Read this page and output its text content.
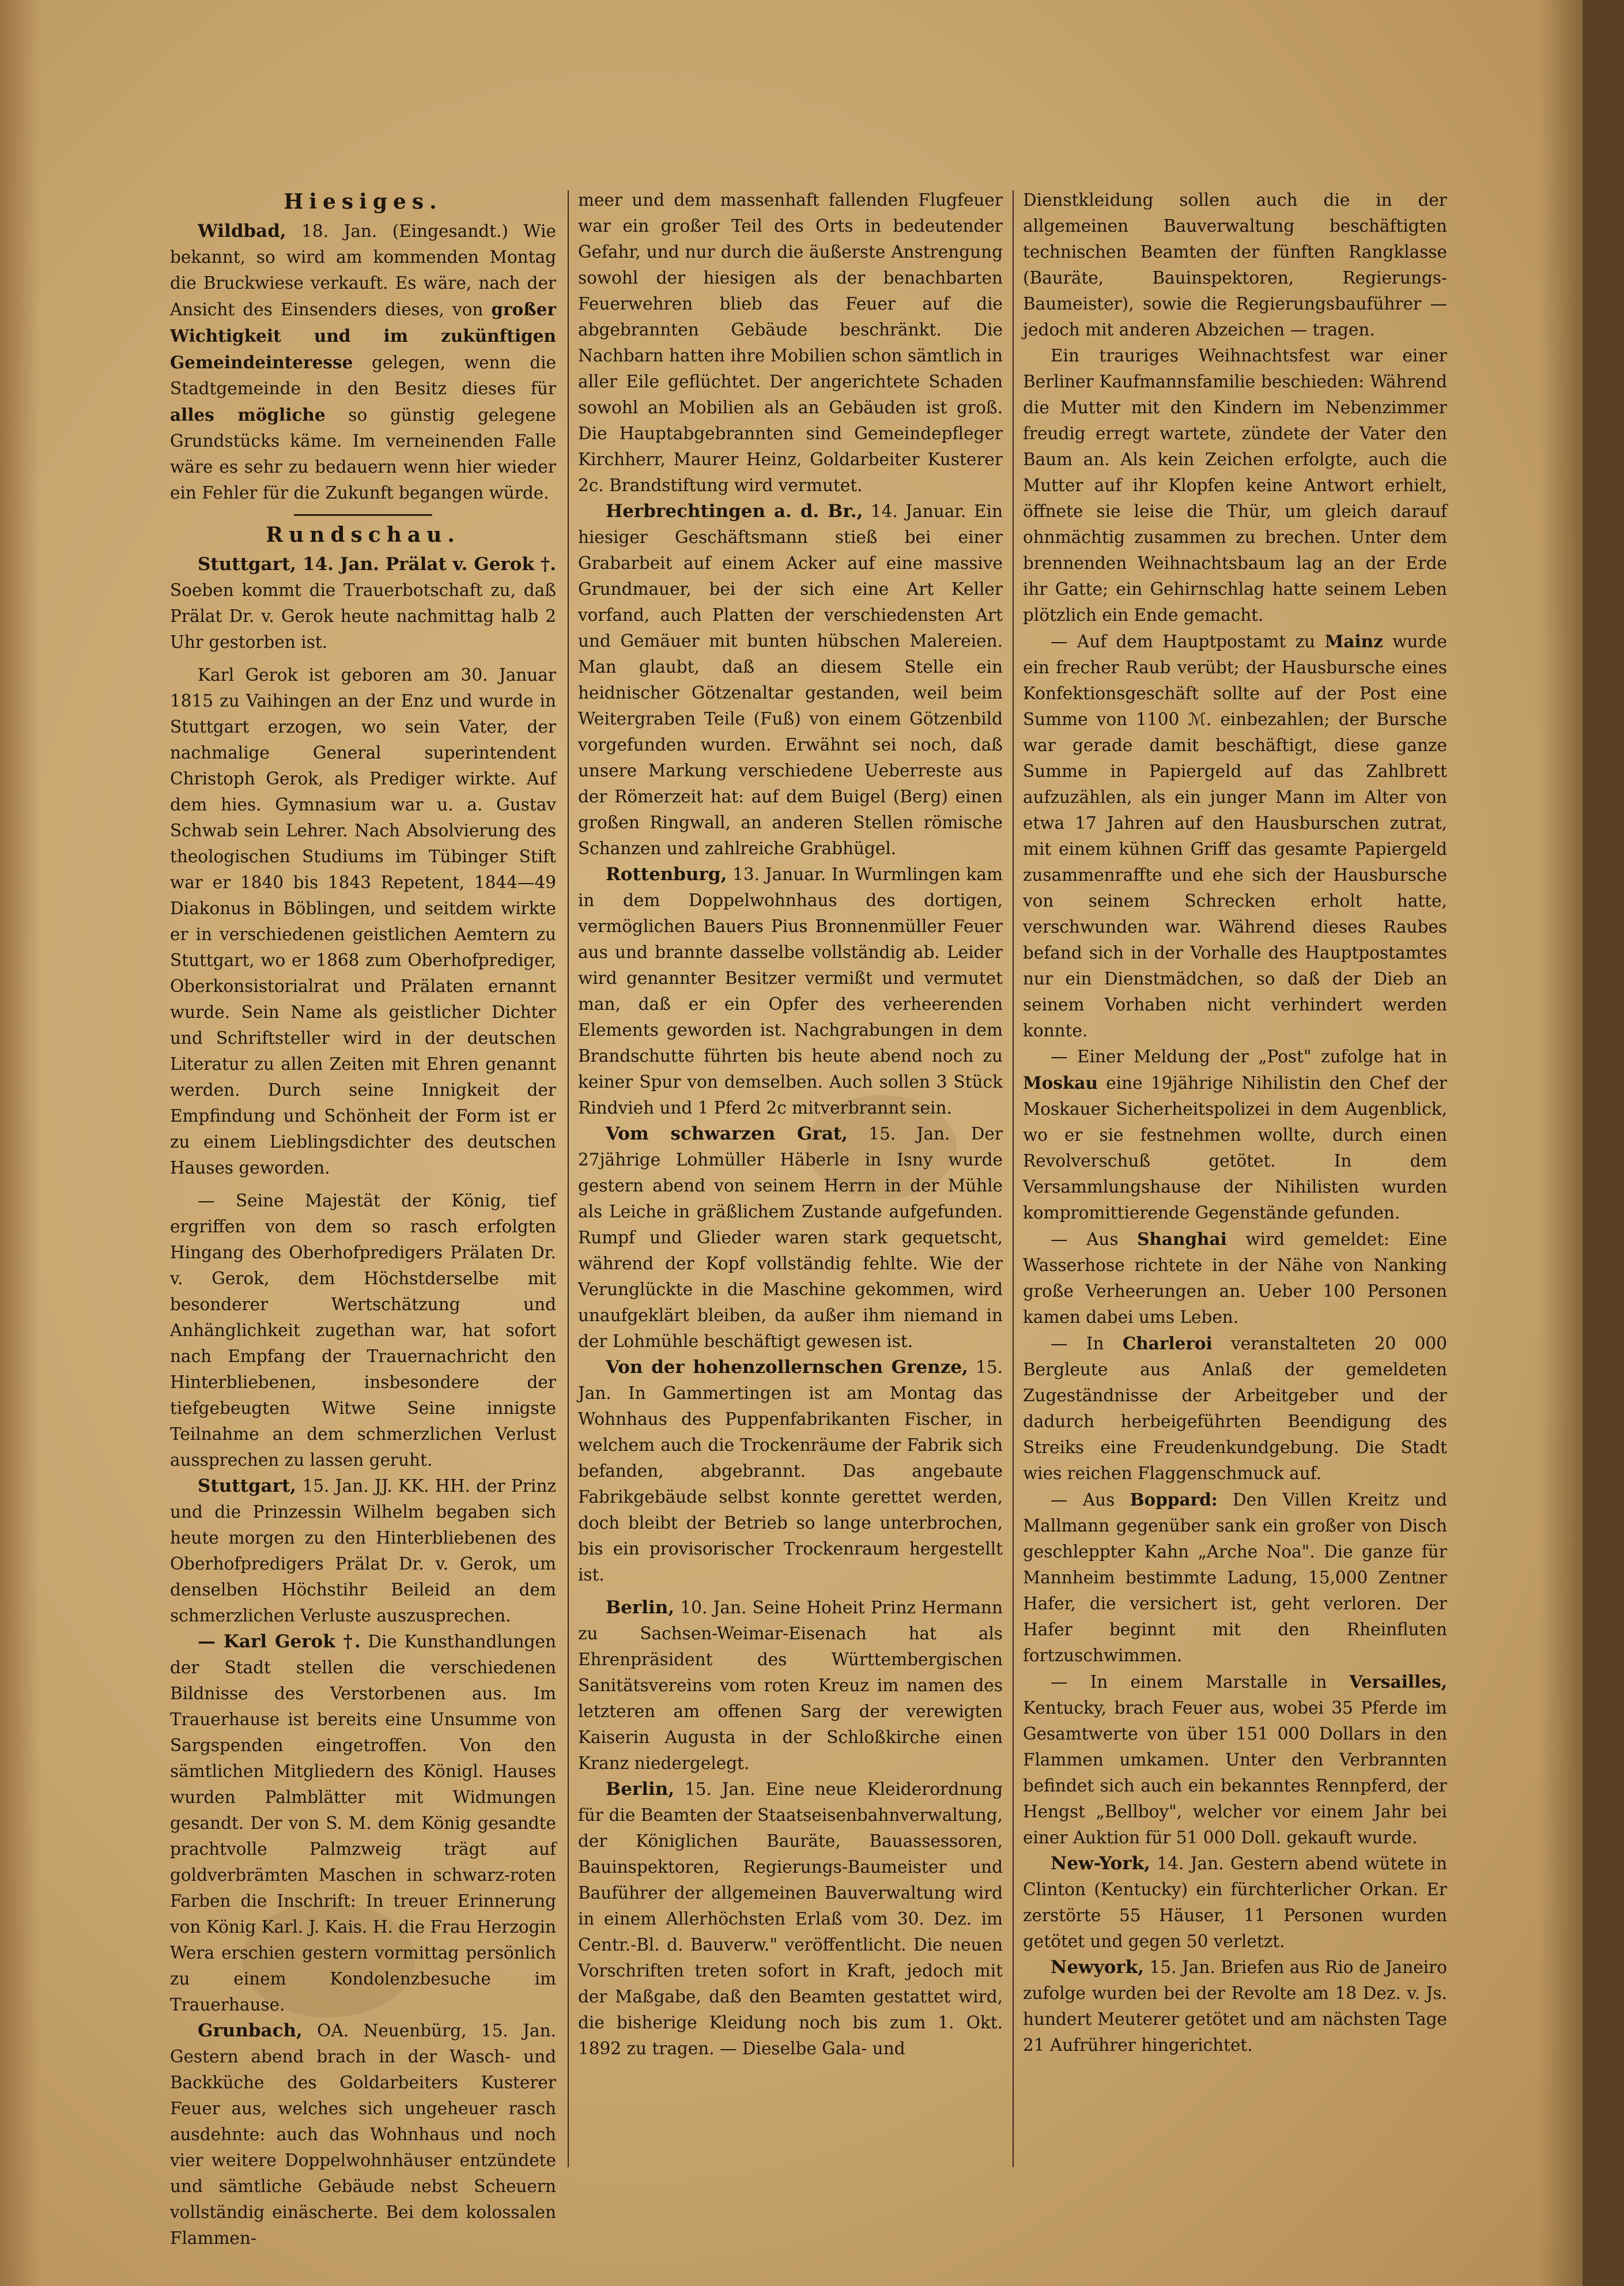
Hiesiges.

Wildbad, 18. Jan. (Eingesandt.) Wie bekannt, so wird am kommenden Montag die Bruckwiese verkauft. Es wäre, nach der Ansicht des Einsenders dieses, von großer Wichtigkeit und im zukünftigen Gemeindeinteresse gelegen, wenn die Stadtgemeinde in den Besitz dieses für alles mögliche so günstig gelegene Grundstücks käme. Im verneinenden Falle wäre es sehr zu bedauern wenn hier wieder ein Fehler für die Zukunft begangen würde.

Rundschau.

Stuttgart, 14. Jan. Prälat v. Gerok †. Soeben kommt die Trauerbotschaft zu, daß Prälat Dr. v. Gerok heute nachmittag halb 2 Uhr gestorben ist.

Karl Gerok ist geboren am 30. Januar 1815 zu Vaihingen an der Enz und wurde in Stuttgart erzogen, wo sein Vater, der nachmalige General superintendent Christoph Gerok, als Prediger wirkte. Auf dem hies. Gymnasium war u. a. Gustav Schwab sein Lehrer. Nach Absolvierung des theologischen Studiums im Tübinger Stift war er 1840 bis 1843 Repetent, 1844—49 Diakonus in Böblingen, und seitdem wirkte er in verschiedenen geistlichen Aemtern zu Stuttgart, wo er 1868 zum Oberhofprediger, Oberkonsistorialrat und Prälaten ernannt wurde. Sein Name als geistlicher Dichter und Schriftsteller wird in der deutschen Literatur zu allen Zeiten mit Ehren genannt werden. Durch seine Innigkeit der Empfindung und Schönheit der Form ist er zu einem Lieblingsdichter des deutschen Hauses geworden.

— Seine Majestät der König, tief ergriffen von dem so rasch erfolgten Hingang des Oberhofpredigers Prälaten Dr. v. Gerok, dem Höchstderselbe mit besonderer Wertschätzung und Anhänglichkeit zugethan war, hat sofort nach Empfang der Trauernachricht den Hinterbliebenen, insbesondere der tiefgebeugten Witwe Seine innigste Teilnahme an dem schmerzlichen Verlust aussprechen zu lassen geruht.

Stuttgart, 15. Jan. JJ. KK. HH. der Prinz und die Prinzessin Wilhelm begaben sich heute morgen zu den Hinterbliebenen des Oberhofpredigers Prälat Dr. v. Gerok, um denselben Höchstihr Beileid an dem schmerzlichen Verluste auszusprechen.

— Karl Gerok †. Die Kunsthandlungen der Stadt stellen die verschiedenen Bildnisse des Verstorbenen aus. Im Trauerhause ist bereits eine Unsumme von Sargspenden eingetroffen. Von den sämtlichen Mitgliedern des Königl. Hauses wurden Palmblätter mit Widmungen gesandt. Der von S. M. dem König gesandte prachtvolle Palmzweig trägt auf goldverbrämten Maschen in schwarz-roten Farben die Inschrift: In treuer Erinnerung von König Karl. J. Kais. H. die Frau Herzogin Wera erschien gestern vormittag persönlich zu einem Kondolenzbesuche im Trauerhause.

Grunbach, OA. Neuenbürg, 15. Jan. Gestern abend brach in der Wasch- und Backküche des Goldarbeiters Kusterer Feuer aus, welches sich ungeheuer rasch ausdehnte: auch das Wohnhaus und noch vier weitere Doppelwohnhäuser entzündete und sämtliche Gebäude nebst Scheuern vollständig einäscherte. Bei dem kolossalen Flammen-

meer und dem massenhaft fallenden Flugfeuer war ein großer Teil des Orts in bedeutender Gefahr, und nur durch die äußerste Anstrengung sowohl der hiesigen als der benachbarten Feuerwehren blieb das Feuer auf die abgebrannten Gebäude beschränkt. Die Nachbarn hatten ihre Mobilien schon sämtlich in aller Eile geflüchtet. Der angerichtete Schaden sowohl an Mobilien als an Gebäuden ist groß. Die Hauptabgebrannten sind Gemeindepfleger Kirchherr, Maurer Heinz, Goldarbeiter Kusterer 2c. Brandstiftung wird vermutet.

Herbrechtingen a. d. Br., 14. Januar. Ein hiesiger Geschäftsmann stieß bei einer Grabarbeit auf einem Acker auf eine massive Grundmauer, bei der sich eine Art Keller vorfand, auch Platten der verschiedensten Art und Gemäuer mit bunten hübschen Malereien. Man glaubt, daß an diesem Stelle ein heidnischer Götzenaltar gestanden, weil beim Weitergraben Teile (Fuß) von einem Götzenbild vorgefunden wurden. Erwähnt sei noch, daß unsere Markung verschiedene Ueberreste aus der Römerzeit hat: auf dem Buigel (Berg) einen großen Ringwall, an anderen Stellen römische Schanzen und zahlreiche Grabhügel.

Rottenburg, 13. Januar. In Wurmlingen kam in dem Doppelwohnhaus des dortigen, vermöglichen Bauers Pius Bronnenmüller Feuer aus und brannte dasselbe vollständig ab. Leider wird genannter Besitzer vermißt und vermutet man, daß er ein Opfer des verheerenden Elements geworden ist. Nachgrabungen in dem Brandschutte führten bis heute abend noch zu keiner Spur von demselben. Auch sollen 3 Stück Rindvieh und 1 Pferd 2c mitverbrannt sein.

Vom schwarzen Grat, 15. Jan. Der 27jährige Lohmüller Häberle in Isny wurde gestern abend von seinem Herrn in der Mühle als Leiche in gräßlichem Zustande aufgefunden. Rumpf und Glieder waren stark gequetscht, während der Kopf vollständig fehlte. Wie der Verunglückte in die Maschine gekommen, wird unaufgeklärt bleiben, da außer ihm niemand in der Lohmühle beschäftigt gewesen ist.

Von der hohenzollernschen Grenze, 15. Jan. In Gammertingen ist am Montag das Wohnhaus des Puppenfabrikanten Fischer, in welchem auch die Trockenräume der Fabrik sich befanden, abgebrannt. Das angebaute Fabrikgebäude selbst konnte gerettet werden, doch bleibt der Betrieb so lange unterbrochen, bis ein provisorischer Trockenraum hergestellt ist.

Berlin, 10. Jan. Seine Hoheit Prinz Hermann zu Sachsen-Weimar-Eisenach hat als Ehrenpräsident des Württembergischen Sanitätsvereins vom roten Kreuz im namen des letzteren am offenen Sarg der verewigten Kaiserin Augusta in der Schloßkirche einen Kranz niedergelegt.

Berlin, 15. Jan. Eine neue Kleiderordnung für die Beamten der Staatseisenbahnverwaltung, der Königlichen Bauräte, Bauassessoren, Bauinspektoren, Regierungs-Baumeister und Bauführer der allgemeinen Bauverwaltung wird in einem Allerhöchsten Erlaß vom 30. Dez. im Centr.-Bl. d. Bauverw." veröffentlicht. Die neuen Vorschriften treten sofort in Kraft, jedoch mit der Maßgabe, daß den Beamten gestattet wird, die bisherige Kleidung noch bis zum 1. Okt. 1892 zu tragen. — Dieselbe Gala- und

Dienstkleidung sollen auch die in der allgemeinen Bauverwaltung beschäftigten technischen Beamten der fünften Rangklasse (Bauräte, Bauinspektoren, Regierungs-Baumeister), sowie die Regierungsbauführer — jedoch mit anderen Abzeichen — tragen.

Ein trauriges Weihnachtsfest war einer Berliner Kaufmannsfamilie beschieden: Während die Mutter mit den Kindern im Nebenzimmer freudig erregt wartete, zündete der Vater den Baum an. Als kein Zeichen erfolgte, auch die Mutter auf ihr Klopfen keine Antwort erhielt, öffnete sie leise die Thür, um gleich darauf ohnmächtig zusammen zu brechen. Unter dem brennenden Weihnachtsbaum lag an der Erde ihr Gatte; ein Gehirnschlag hatte seinem Leben plötzlich ein Ende gemacht.

— Auf dem Hauptpostamt zu Mainz wurde ein frecher Raub verübt; der Hausbursche eines Konfektionsgeschäft sollte auf der Post eine Summe von 1100 ℳ. einbezahlen; der Bursche war gerade damit beschäftigt, diese ganze Summe in Papiergeld auf das Zahlbrett aufzuzählen, als ein junger Mann im Alter von etwa 17 Jahren auf den Hausburschen zutrat, mit einem kühnen Griff das gesamte Papiergeld zusammenraffte und ehe sich der Hausbursche von seinem Schrecken erholt hatte, verschwunden war. Während dieses Raubes befand sich in der Vorhalle des Hauptpostamtes nur ein Dienstmädchen, so daß der Dieb an seinem Vorhaben nicht verhindert werden konnte.

— Einer Meldung der „Post" zufolge hat in Moskau eine 19jährige Nihilistin den Chef der Moskauer Sicherheitspolizei in dem Augenblick, wo er sie festnehmen wollte, durch einen Revolverschuß getötet. In dem Versammlungshause der Nihilisten wurden kompromittierende Gegenstände gefunden.

— Aus Shanghai wird gemeldet: Eine Wasserhose richtete in der Nähe von Nanking große Verheerungen an. Ueber 100 Personen kamen dabei ums Leben.

— In Charleroi veranstalteten 20 000 Bergleute aus Anlaß der gemeldeten Zugeständnisse der Arbeitgeber und der dadurch herbeigeführten Beendigung des Streiks eine Freudenkundgebung. Die Stadt wies reichen Flaggenschmuck auf.

— Aus Boppard: Den Villen Kreitz und Mallmann gegenüber sank ein großer von Disch geschleppter Kahn „Arche Noa". Die ganze für Mannheim bestimmte Ladung, 15,000 Zentner Hafer, die versichert ist, geht verloren. Der Hafer beginnt mit den Rheinfluten fortzuschwimmen.

— In einem Marstalle in Versailles, Kentucky, brach Feuer aus, wobei 35 Pferde im Gesamtwerte von über 151 000 Dollars in den Flammen umkamen. Unter den Verbrannten befindet sich auch ein bekanntes Rennpferd, der Hengst „Bellboy", welcher vor einem Jahr bei einer Auktion für 51 000 Doll. gekauft wurde.

New-York, 14. Jan. Gestern abend wütete in Clinton (Kentucky) ein fürchterlicher Orkan. Er zerstörte 55 Häuser, 11 Personen wurden getötet und gegen 50 verletzt.

Newyork, 15. Jan. Briefen aus Rio de Janeiro zufolge wurden bei der Revolte am 18 Dez. v. Js. hundert Meuterer getötet und am nächsten Tage 21 Aufrührer hingerichtet.
